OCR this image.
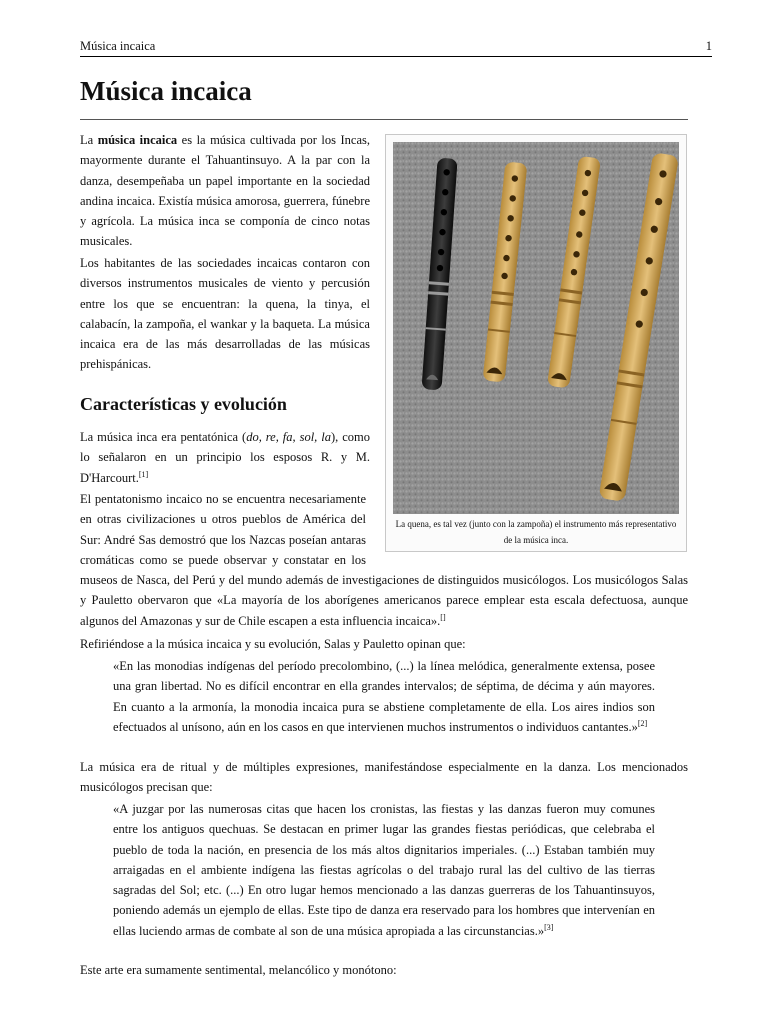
Música incaica	1
Música incaica

La música incaica es la música cultivada por los Incas, mayormente durante el Tahuantinsuyo. A la par con la danza, desempeñaba un papel importante en la sociedad andina incaica. Existía música amorosa, guerrera, fúnebre y agrícola. La música inca se componía de cinco notas musicales.

Los habitantes de las sociedades incaicas contaron con diversos instrumentos musicales de viento y percusión entre los que se encuentran: la quena, la tinya, el calabacín, la zampoña, el wankar y la baqueta. La música incaica era de las más desarrolladas de las músicas prehispánicas.

La quena, es tal vez (junto con la zampoña) el instrumento más representativo de la música inca.
Características y evolución

La música inca era pentatónica (do, re, fa, sol, la), como lo señalaron en un principio los esposos R. y M. D'Harcourt.[1]

El pentatonismo incaico no se encuentra necesariamente en otras civilizaciones u otros pueblos de América del Sur: André Sas demostró que los Nazcas poseían antaras cromáticas como se puede observar y constatar en los museos de Nasca, del Perú y del mundo además de investigaciones de distinguidos musicólogos. Los musicólogos Salas y Pauletto obervaron que «La mayoría de los aborígenes americanos parece emplear esta escala defectuosa, aunque algunos del Amazonas y sur de Chile escapen a esta influencia incaica».[]

Refiriéndose a la música incaica y su evolución, Salas y Pauletto opinan que:

«En las monodias indígenas del período precolombino, (...) la línea melódica, generalmente extensa, posee una gran libertad. No es difícil encontrar en ella grandes intervalos; de séptima, de décima y aún mayores. En cuanto a la armonía, la monodia incaica pura se abstiene completamente de ella. Los aires indios son efectuados al unísono, aún en los casos en que intervienen muchos instrumentos o individuos cantantes.»[2]

La música era de ritual y de múltiples expresiones, manifestándose especialmente en la danza. Los mencionados musicólogos precisan que:

«A juzgar por las numerosas citas que hacen los cronistas, las fiestas y las danzas fueron muy comunes entre los antiguos quechuas. Se destacan en primer lugar las grandes fiestas periódicas, que celebraba el pueblo de toda la nación, en presencia de los más altos dignitarios imperiales. (...) Estaban también muy arraigadas en el ambiente indígena las fiestas agrícolas o del trabajo rural las del cultivo de las tierras sagradas del Sol; etc. (...) En otro lugar hemos mencionado a las danzas guerreras de los Tahuantinsuyos, poniendo además un ejemplo de ellas. Este tipo de danza era reservado para los hombres que intervenían en ellas luciendo armas de combate al son de una música apropiada a las circunstancias.»[3]

Este arte era sumamente sentimental, melancólico y monótono:
